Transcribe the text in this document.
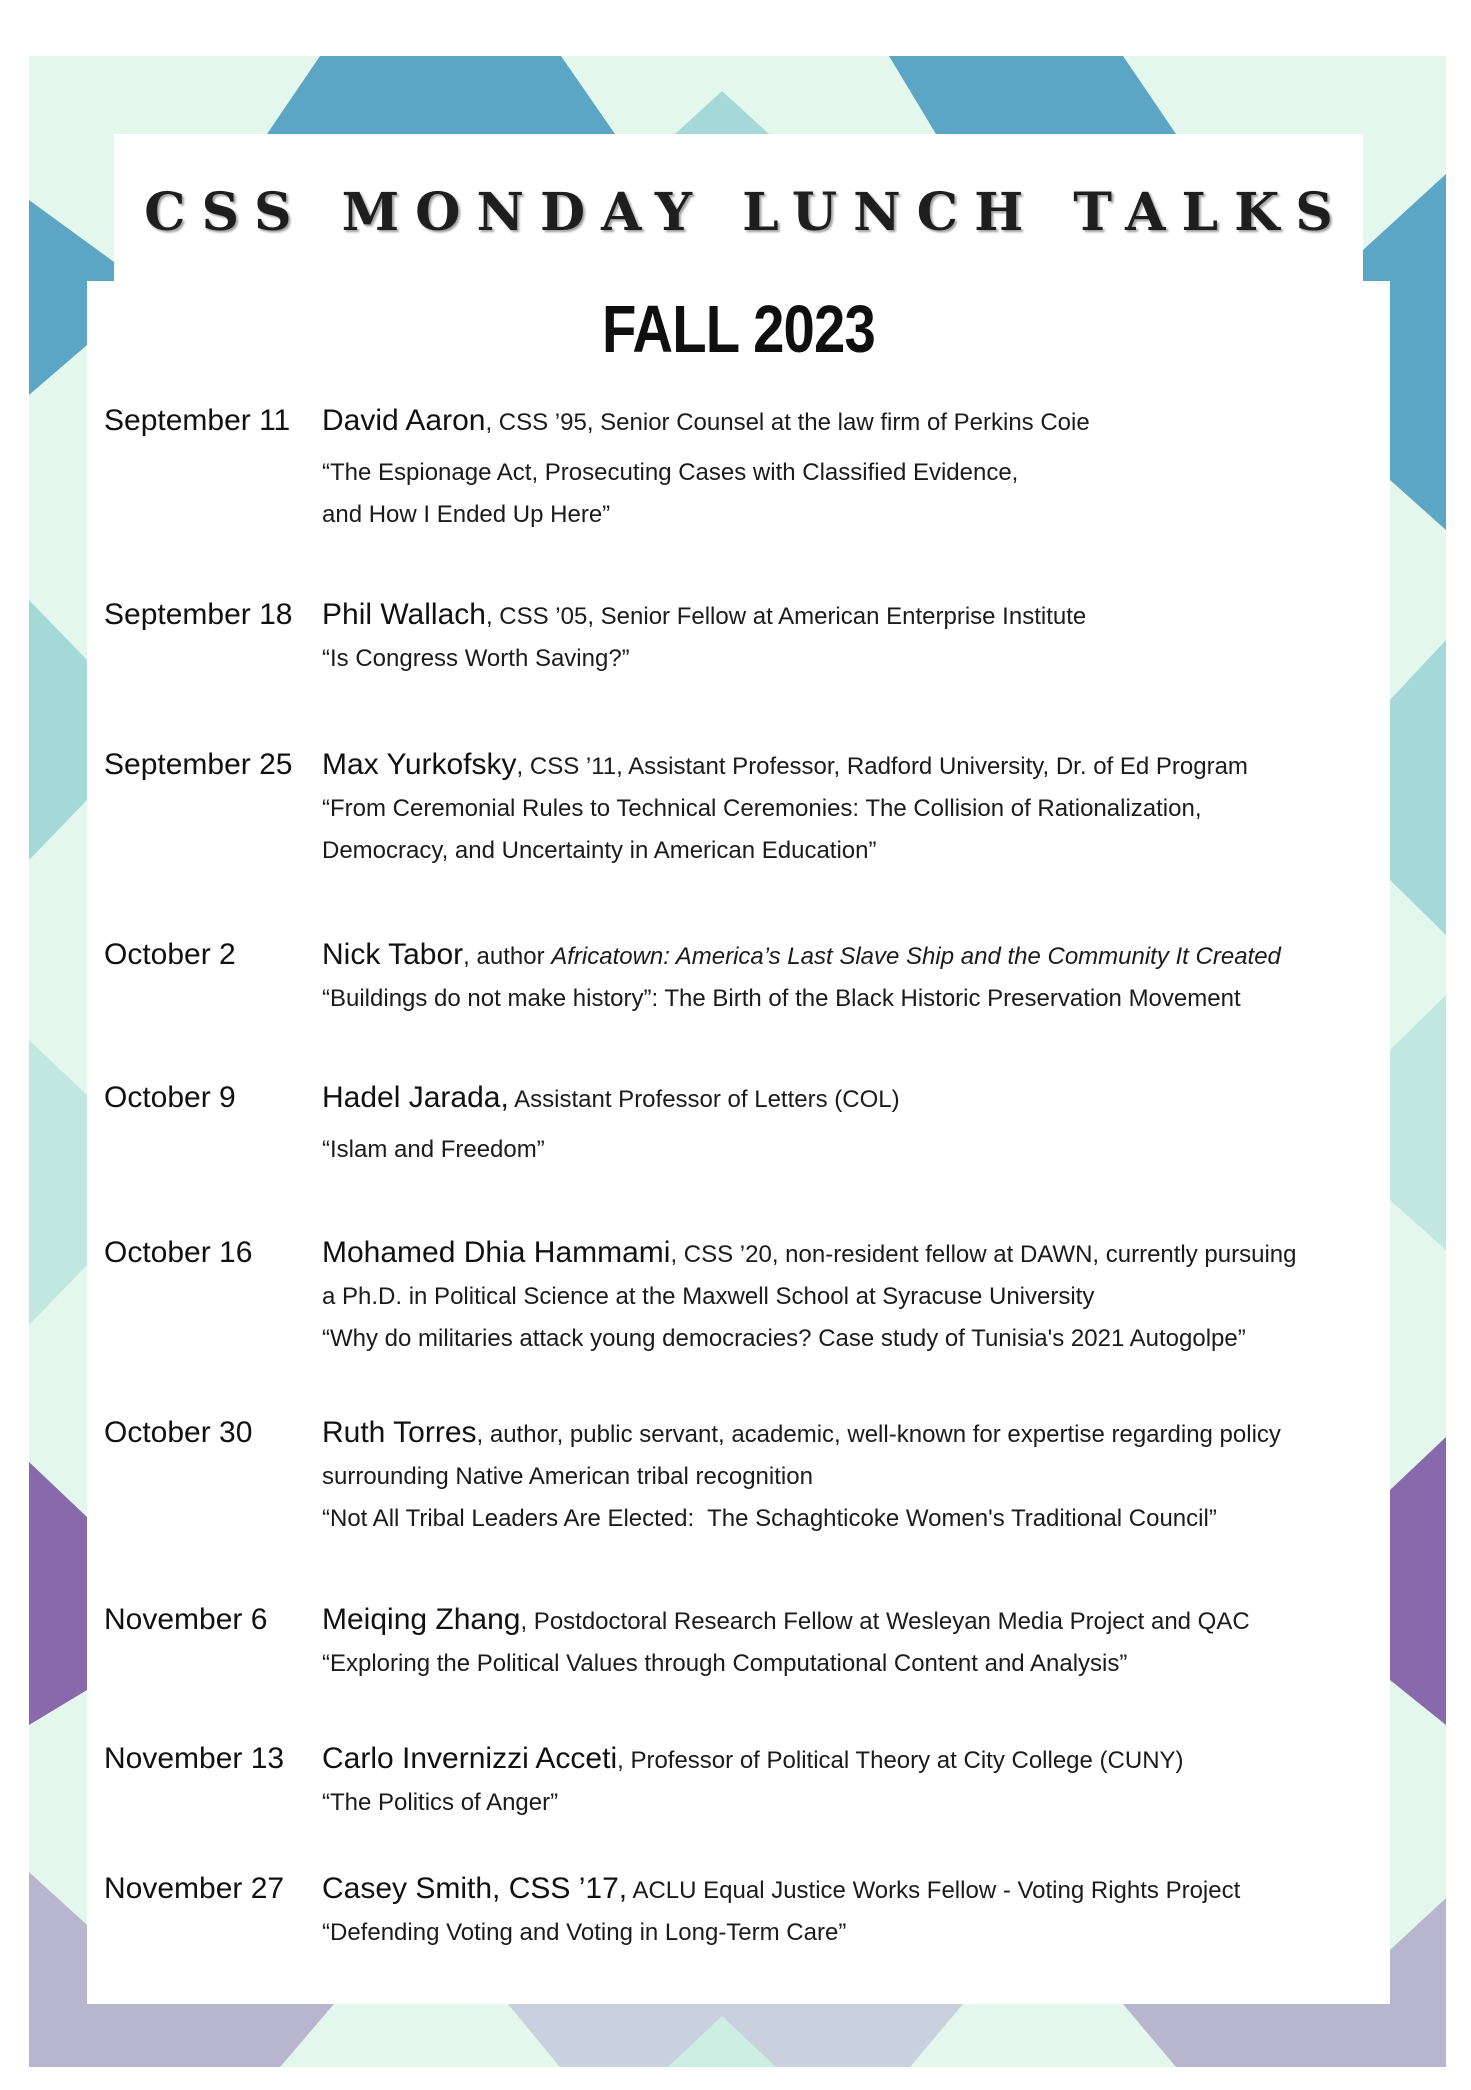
CSS MONDAY LUNCH TALKS
FALL 2023
September 11 David Aaron, CSS ’95, Senior Counsel at the law firm of Perkins Coie
“The Espionage Act, Prosecuting Cases with Classified Evidence,
and How I Ended Up Here”
September 18 Phil Wallach, CSS ’05, Senior Fellow at American Enterprise Institute
“Is Congress Worth Saving?”
September 25 Max Yurkofsky, CSS ’11, Assistant Professor, Radford University, Dr. of Ed Program
“From Ceremonial Rules to Technical Ceremonies: The Collision of Rationalization,
Democracy, and Uncertainty in American Education”
October 2	Nick Tabor, author Africatown: America’s Last Slave Ship and the Community It Created
“Buildings do not make history”: The Birth of the Black Historic Preservation Movement
October 9	Hadel Jarada, Assistant Professor of Letters (COL)
“Islam and Freedom”
October 16 Mohamed Dhia Hammami, CSS ’20, non-resident fellow at DAWN, currently pursuing
a Ph.D. in Political Science at the Maxwell School at Syracuse University
“Why do militaries attack young democracies? Case study of Tunisia's 2021 Autogolpe”
October 30 Ruth Torres, author, public servant, academic, well-known for expertise regarding policy
surrounding Native American tribal recognition
“Not All Tribal Leaders Are Elected:  The Schaghticoke Women's Traditional Council”
November 6 Meiqing Zhang, Postdoctoral Research Fellow at Wesleyan Media Project and QAC
“Exploring the Political Values through Computational Content and Analysis”
November 13 Carlo Invernizzi Acceti, Professor of Political Theory at City College (CUNY)
“The Politics of Anger”
November 27 Casey Smith, CSS ’17, ACLU Equal Justice Works Fellow - Voting Rights Project
“Defending Voting and Voting in Long-Term Care”
